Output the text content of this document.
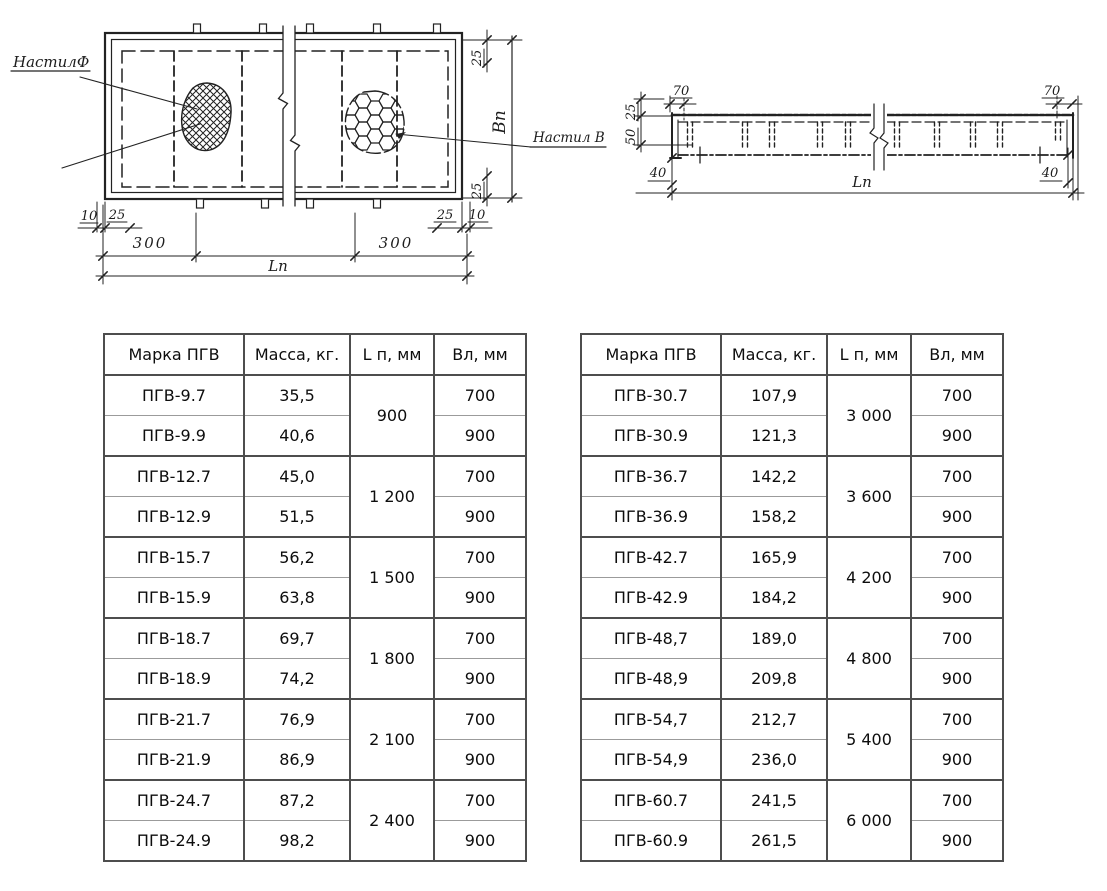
НастилФ
Настил В
25
25
Bп
10 25	25 10
300	300
Lп
25
50
70
40
70
40
Lп
Марка ПГВ	Масса, кг.	L п, мм	Вл, мм
ПГВ-9.7	35,5	900	700
ПГВ-9.9	40,6		900
ПГВ-12.7	45,0	1 200	700
ПГВ-12.9	51,5		900
ПГВ-15.7	56,2	1 500	700
ПГВ-15.9	63,8		900
ПГВ-18.7	69,7	1 800	700
ПГВ-18.9	74,2		900
ПГВ-21.7	76,9	2 100	700
ПГВ-21.9	86,9		900
ПГВ-24.7	87,2	2 400	700
ПГВ-24.9	98,2		900
Марка ПГВ	Масса, кг.	L п, мм	Вл, мм
ПГВ-30.7	107,9	3 000	700
ПГВ-30.9	121,3		900
ПГВ-36.7	142,2	3 600	700
ПГВ-36.9	158,2		900
ПГВ-42.7	165,9	4 200	700
ПГВ-42.9	184,2		900
ПГВ-48,7	189,0	4 800	700
ПГВ-48,9	209,8		900
ПГВ-54,7	212,7	5 400	700
ПГВ-54,9	236,0		900
ПГВ-60.7	241,5	6 000	700
ПГВ-60.9	261,5		900
